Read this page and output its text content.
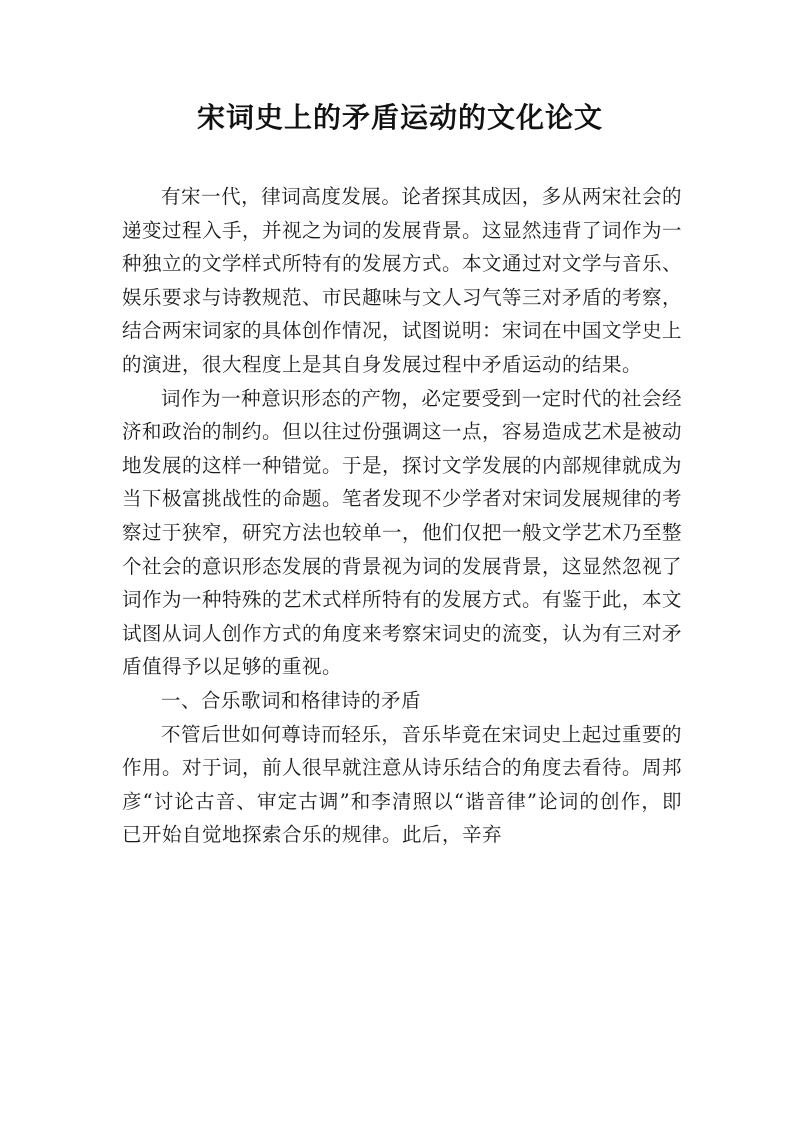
宋词史上的矛盾运动的文化论文

有宋一代，律词高度发展。论者探其成因，多从两宋社会的递变过程入手，并视之为词的发展背景。这显然违背了词作为一种独立的文学样式所特有的发展方式。本文通过对文学与音乐、娱乐要求与诗教规范、市民趣味与文人习气等三对矛盾的考察，结合两宋词家的具体创作情况，试图说明：宋词在中国文学史上的演进，很大程度上是其自身发展过程中矛盾运动的结果。

词作为一种意识形态的产物，必定要受到一定时代的社会经济和政治的制约。但以往过份强调这一点，容易造成艺术是被动地发展的这样一种错觉。于是，探讨文学发展的内部规律就成为当下极富挑战性的命题。笔者发现不少学者对宋词发展规律的考察过于狭窄，研究方法也较单一，他们仅把一般文学艺术乃至整个社会的意识形态发展的背景视为词的发展背景，这显然忽视了词作为一种特殊的艺术式样所特有的发展方式。有鉴于此，本文试图从词人创作方式的角度来考察宋词史的流变，认为有三对矛盾值得予以足够的重视。

一、合乐歌词和格律诗的矛盾

不管后世如何尊诗而轻乐，音乐毕竟在宋词史上起过重要的作用。对于词，前人很早就注意从诗乐结合的角度去看待。周邦彦“讨论古音、审定古调”和李清照以“谐音律”论词的创作，即已开始自觉地探索合乐的规律。此后，辛弃
